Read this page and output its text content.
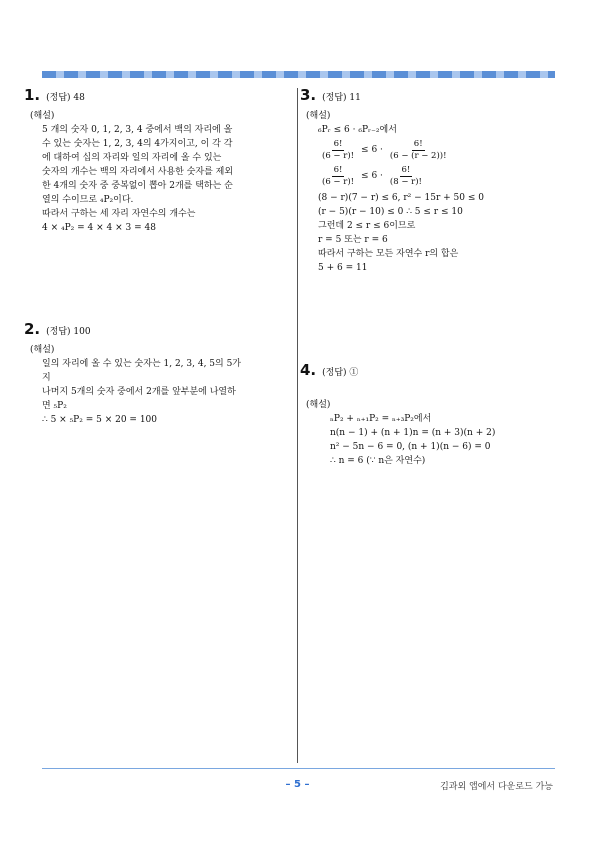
1. (정답) 48
(해설)
5 개의 숫자 0, 1, 2, 3, 4 중에서 백의 자리에 올
수 있는 숫자는 1, 2, 3, 4의 4가지이고, 이 각 각
에 대하여 십의 자리와 일의 자리에 올 수 있는
숫자의 개수는 백의 자리에서 사용한 숫자를 제외
한 4개의 숫자 중 중복없이 뽑아 2개를 택하는 순
열의 수이므로 ₄P₂이다.
따라서 구하는 세 자리 자연수의 개수는
4 × ₄P₂ = 4 × 4 × 3 = 48
2. (정답) 100
(해설)
일의 자리에 올 수 있는 숫자는 1, 2, 3, 4, 5의 5가
지
나머지 5개의 숫자 중에서 2개를 앞부분에 나열하
면 ₅P₂
∴ 5 × ₅P₂ = 5 × 20 = 100
3. (정답) 11
(해설)
₆Pᵣ ≤ 6 · ₆Pᵣ₋₂에서
$\frac{6!}{(6 - r)!} \le 6 \cdot \frac{6!}{(6 - (r - 2))!}$
$\frac{6!}{(6 - r)!} \le 6 \cdot \frac{6!}{(8 - r)!}$
(8 − r)(7 − r) ≤ 6, r² − 15r + 50 ≤ 0
(r − 5)(r − 10) ≤ 0 ∴ 5 ≤ r ≤ 10
그런데 2 ≤ r ≤ 6이므로
r = 5 또는 r = 6
따라서 구하는 모든 자연수 r의 합은
5 + 6 = 11
4. (정답) ①
(해설)
ₙP₂ + ₙ₊₁P₂ = ₙ₊₃P₂에서
n(n − 1) + (n + 1)n = (n + 3)(n + 2)
n² − 5n − 6 = 0, (n + 1)(n − 6) = 0
∴ n = 6 (∵ n은 자연수)
– 5 –	김과외 앱에서 다운로드 가능
